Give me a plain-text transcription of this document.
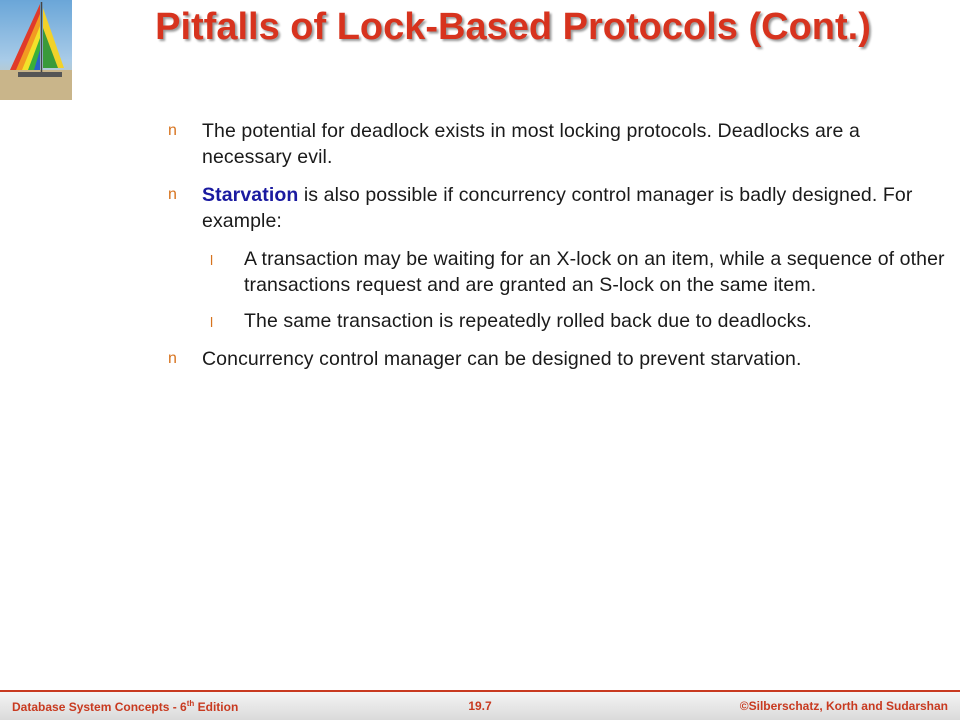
Pitfalls of Lock-Based Protocols (Cont.)
n The potential for deadlock exists in most locking protocols. Deadlocks are a necessary evil.
n Starvation is also possible if concurrency control manager is badly designed. For example:
l A transaction may be waiting for an X-lock on an item, while a sequence of other transactions request and are granted an S-lock on the same item.
l The same transaction is repeatedly rolled back due to deadlocks.
n Concurrency control manager can be designed to prevent starvation.
Database System Concepts - 6th Edition	19.7	©Silberschatz, Korth and Sudarshan
